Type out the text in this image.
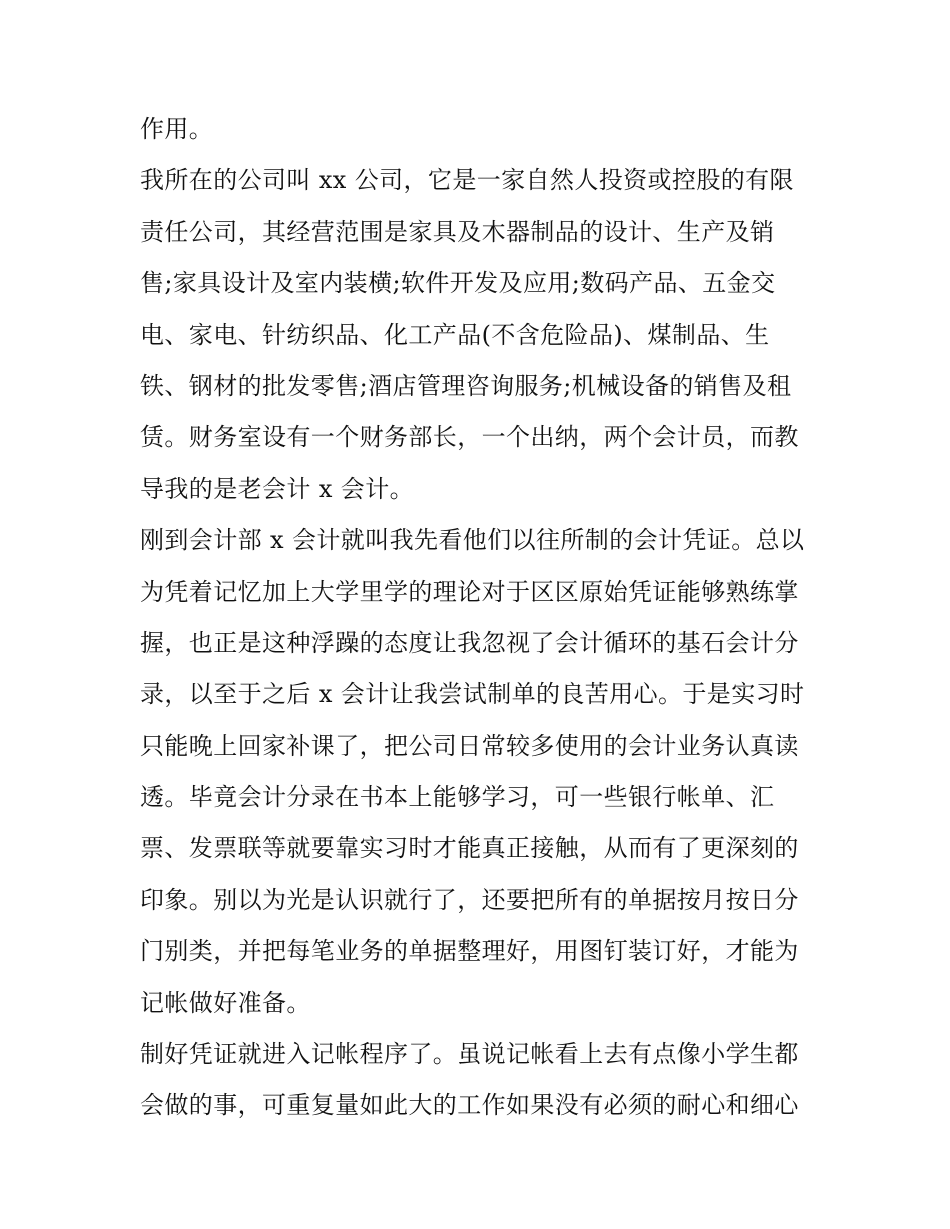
作用。
我所在的公司叫 xx 公司，它是一家自然人投资或控股的有限
责任公司，其经营范围是家具及木器制品的设计、生产及销
售;家具设计及室内装横;软件开发及应用;数码产品、五金交
电、家电、针纺织品、化工产品(不含危险品)、煤制品、生
铁、钢材的批发零售;酒店管理咨询服务;机械设备的销售及租
赁。财务室设有一个财务部长，一个出纳，两个会计员，而教
导我的是老会计 x 会计。
刚到会计部 x 会计就叫我先看他们以往所制的会计凭证。总以
为凭着记忆加上大学里学的理论对于区区原始凭证能够熟练掌
握，也正是这种浮躁的态度让我忽视了会计循环的基石会计分
录，以至于之后 x 会计让我尝试制单的良苦用心。于是实习时
只能晚上回家补课了，把公司日常较多使用的会计业务认真读
透。毕竟会计分录在书本上能够学习，可一些银行帐单、汇
票、发票联等就要靠实习时才能真正接触，从而有了更深刻的
印象。别以为光是认识就行了，还要把所有的单据按月按日分
门别类，并把每笔业务的单据整理好，用图钉装订好，才能为
记帐做好准备。
制好凭证就进入记帐程序了。虽说记帐看上去有点像小学生都
会做的事，可重复量如此大的工作如果没有必须的耐心和细心
